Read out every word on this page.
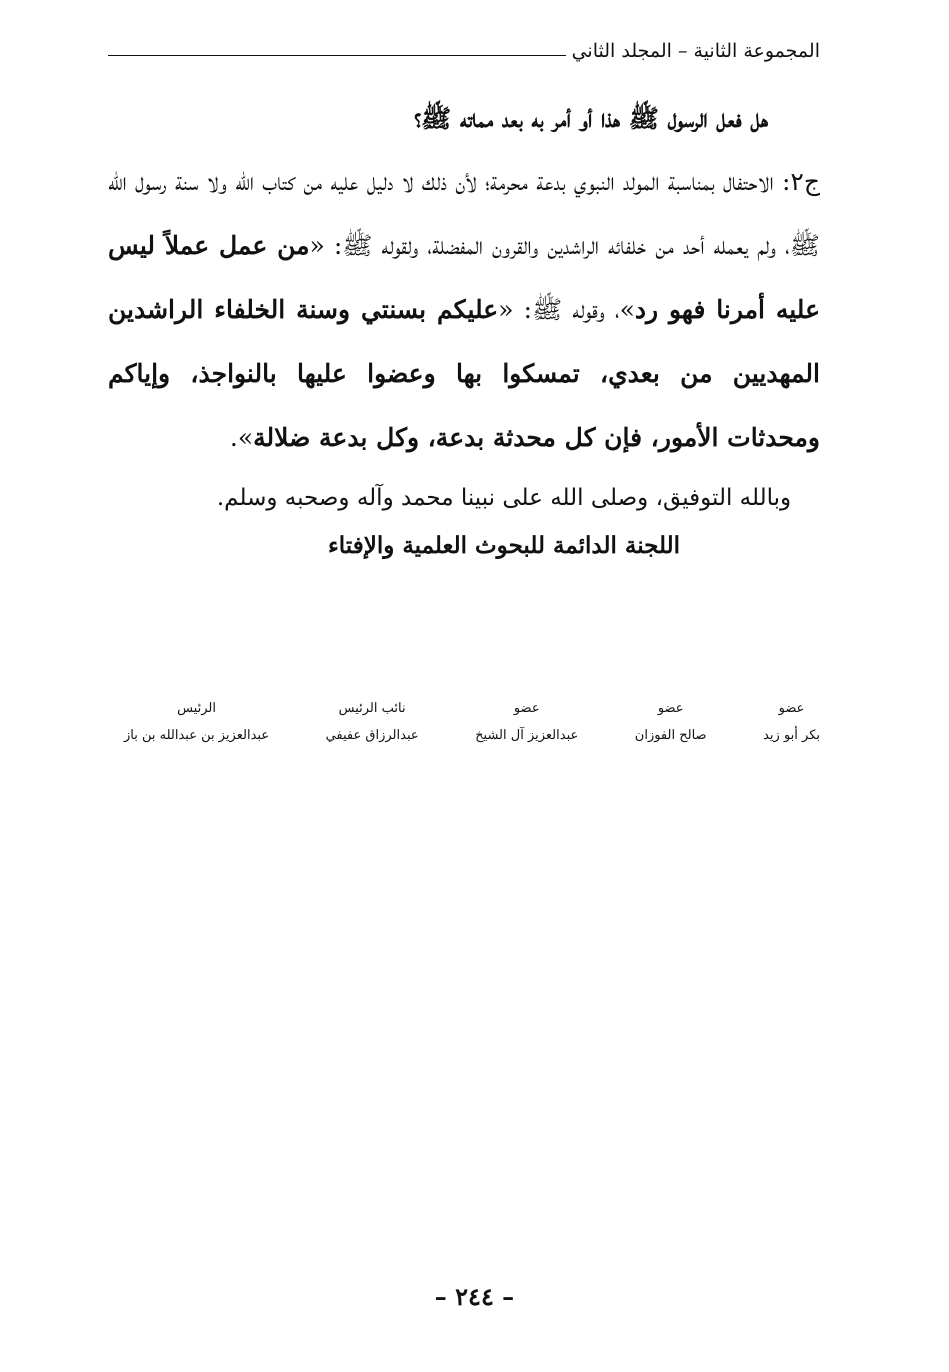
المجموعة الثانية – المجلد الثاني
هل فعل الرسول ﷺ هذا أو أمر به بعد مماته ﷺ؟

ج٢: الاحتفال بمناسبة المولد النبوي بدعة محرمة؛ لأن ذلك لا دليل عليه من كتاب الله ولا سنة رسول الله ﷺ، ولم يعمله أحد من خلفائه الراشدين والقرون المفضلة، ولقوله ﷺ: «من عمل عملاً ليس عليه أمرنا فهو رد»، وقوله ﷺ: «عليكم بسنتي وسنة الخلفاء الراشدين المهديين من بعدي، تمسكوا بها وعضوا عليها بالنواجذ، وإياكم ومحدثات الأمور، فإن كل محدثة بدعة، وكل بدعة ضلالة».

وبالله التوفيق، وصلى الله على نبينا محمد وآله وصحبه وسلم.
اللجنة الدائمة للبحوث العلمية والإفتاء
عضو
بكر أبو زيد
عضو
صالح الفوزان
عضو
عبدالعزيز آل الشيخ
نائب الرئيس
عبدالرزاق عفيفي
الرئيس
عبدالعزيز بن عبدالله بن باز
– ٢٤٤ –
